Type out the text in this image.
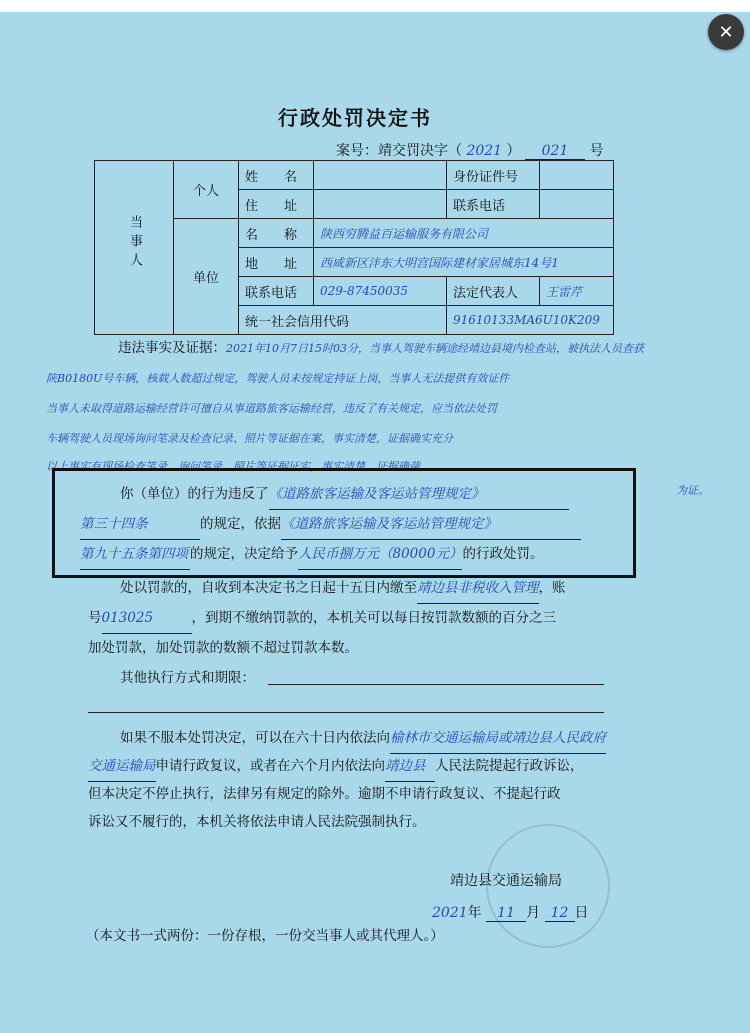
✕
行政处罚决定书
案号：靖交罚决字（ 2021 ） 021 号
当事人	个人	姓　　名		身份证件号	
		住　　址		联系电话	
	单位	名　　称	陕西穷腾益百运输服务有限公司		
		地　　址	西咸新区沣东大明宫国际建材家居城东14号1		
		联系电话	029-87450035	法定代表人	王雷芹
		统一社会信用代码		91610133MA6U10K209	
违法事实及证据：2021年10月7日15时03分，当事人驾驶车辆途经靖边县境内检查站，被执法人员查获
陕B0180U号车辆，核载人数超过规定，驾驶人员未按规定持证上岗，当事人无法提供有效证件
当事人未取得道路运输经营许可擅自从事道路旅客运输经营，违反了有关规定，应当依法处罚
车辆驾驶人员现场询问笔录及检查记录、照片等证据在案，事实清楚，证据确实充分
以上事实有现场检查笔录、询问笔录、照片等证据证实，事实清楚、证据确凿
为证。
你（单位）的行为违反了《道路旅客运输及客运站管理规定》
第三十四条	的规定，依据《道路旅客运输及客运站管理规定》
第九十五条第四项 的规定，决定给予人民币捌万元（80000元）的行政处罚。
处以罚款的，自收到本决定书之日起十五日内缴至靖边县非税收入管理，账
号013025	，到期不缴纳罚款的，本机关可以每日按罚款数额的百分之三
加处罚款，加处罚款的数额不超过罚款本数。
其他执行方式和期限：
如果不服本处罚决定，可以在六十日内依法向榆林市交通运输局或靖边县人民政府
交通运输局申请行政复议，或者在六个月内依法向靖边县 人民法院提起行政诉讼，
但本决定不停止执行，法律另有规定的除外。逾期不申请行政复议、不提起行政
诉讼又不履行的，本机关将依法申请人民法院强制执行。
靖边县交通运输局
2021年 11 月 12 日
（本文书一式两份：一份存根，一份交当事人或其代理人。）
